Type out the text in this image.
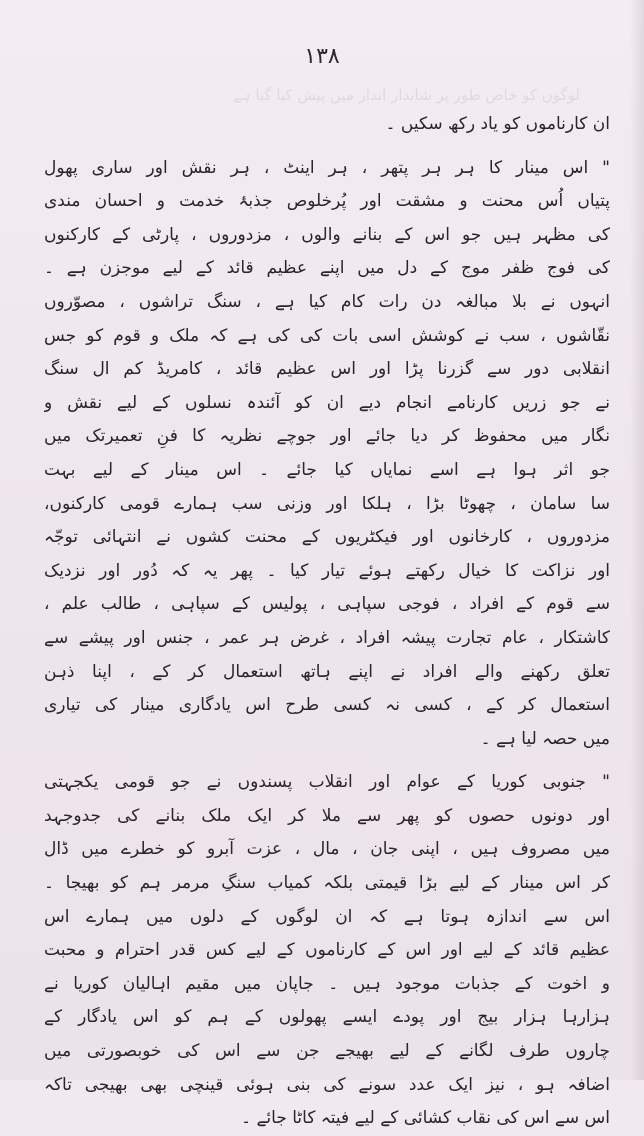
١٣٨
لوگوں کو خاص طور پر شاندار انداز میں پیش کیا گیا ہے
ان کارناموں کو یاد رکھ سکیں ۔
" اس مینار کا ہر ہر پتھر ، ہر اینٹ ، ہر نقش اور ساری پھول
پتیاں اُس محنت و مشقت اور پُرخلوص جذبۂ خدمت و احسان مندی
کی مظہر ہیں جو اس کے بنانے والوں ، مزدوروں ، پارٹی کے کارکنوں
کی فوج ظفر موج کے دل میں اپنے عظیم قائد کے لیے موجزن ہے ۔
انہوں نے بلا مبالغہ دن رات کام کیا ہے ، سنگ تراشوں ، مصوّروں
نقّاشوں ، سب نے کوشش اسی بات کی کی ہے کہ ملک و قوم کو جس
انقلابی دور سے گزرنا پڑا اور اس عظیم قائد ، کامریڈ کم ال سنگ
نے جو زریں کارنامے انجام دیے ان کو آئندہ نسلوں کے لیے نقش و
نگار میں محفوظ کر دیا جائے اور جوچے نظریہ کا فنِ تعمیرتک میں
جو اثر ہوا ہے اسے نمایاں کیا جائے ۔ اس مینار کے لیے بہت
سا سامان ، چھوٹا بڑا ، ہلکا اور وزنی سب ہمارے قومی کارکنوں،
مزدوروں ، کارخانوں اور فیکٹریوں کے محنت کشوں نے انتہائی توجّہ
اور نزاکت کا خیال رکھتے ہوئے تیار کیا ۔ پھر یہ کہ دُور اور نزدیک
سے قوم کے افراد ، فوجی سپاہی ، پولیس کے سپاہی ، طالب علم ،
کاشتکار ، عام تجارت پیشہ افراد ، غرض ہر عمر ، جنس اور پیشے سے
تعلق رکھنے والے افراد نے اپنے ہاتھ استعمال کر کے ، اپنا ذہن
استعمال کر کے ، کسی نہ کسی طرح اس یادگاری مینار کی تیاری
میں حصہ لیا ہے ۔
" جنوبی کوریا کے عوام اور انقلاب پسندوں نے جو قومی یکجہتی
اور دونوں حصوں کو پھر سے ملا کر ایک ملک بنانے کی جدوجہد
میں مصروف ہیں ، اپنی جان ، مال ، عزت آبرو کو خطرے میں ڈال
کر اس مینار کے لیے بڑا قیمتی بلکہ کمیاب سنگِ مرمر ہم کو بھیجا ۔
اس سے اندازہ ہوتا ہے کہ ان لوگوں کے دلوں میں ہمارے اس
عظیم قائد کے لیے اور اس کے کارناموں کے لیے کس قدر احترام و محبت
و اخوت کے جذبات موجود ہیں ۔ جاپان میں مقیم اہالیان کوریا نے
ہزارہا ہزار بیج اور پودے ایسے پھولوں کے ہم کو اس یادگار کے
چاروں طرف لگانے کے لیے بھیجے جن سے اس کی خوبصورتی میں
اضافہ ہو ، نیز ایک عدد سونے کی بنی ہوئی قینچی بھی بھیجی تاکہ
اس سے اس کی نقاب کشائی کے لیے فیتہ کاٹا جائے ۔
